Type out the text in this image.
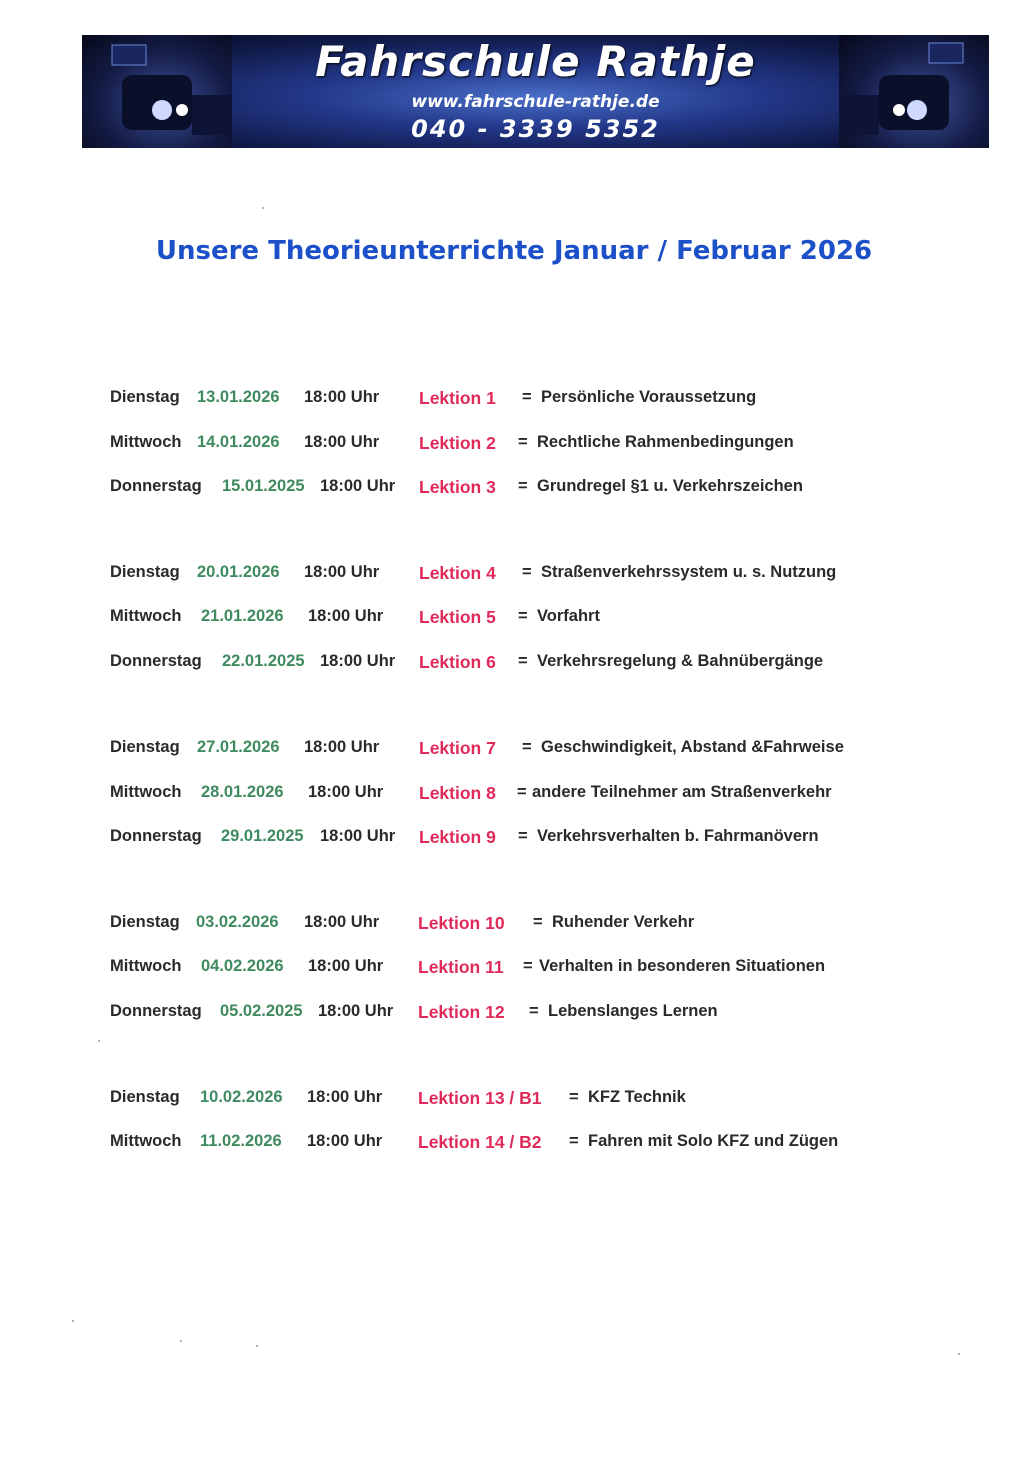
Fahrschule Rathje
www.fahrschule-rathje.de
040 - 3339 5352
Unsere Theorieunterrichte Januar / Februar 2026
Dienstag 13.01.2026 18:00 Uhr Lektion 1 = Persönliche Voraussetzung
Mittwoch 14.01.2026 18:00 Uhr Lektion 2 = Rechtliche Rahmenbedingungen
Donnerstag 15.01.2025 18:00 Uhr Lektion 3 = Grundregel §1 u. Verkehrszeichen
Dienstag 20.01.2026 18:00 Uhr Lektion 4 = Straßenverkehrssystem u. s. Nutzung
Mittwoch 21.01.2026 18:00 Uhr Lektion 5 = Vorfahrt
Donnerstag 22.01.2025 18:00 Uhr Lektion 6 = Verkehrsregelung & Bahnübergänge
Dienstag 27.01.2026 18:00 Uhr Lektion 7 = Geschwindigkeit, Abstand &Fahrweise
Mittwoch 28.01.2026 18:00 Uhr Lektion 8 = andere Teilnehmer am Straßenverkehr
Donnerstag 29.01.2025 18:00 Uhr Lektion 9 = Verkehrsverhalten b. Fahrmanövern
Dienstag 03.02.2026 18:00 Uhr Lektion 10 = Ruhender Verkehr
Mittwoch 04.02.2026 18:00 Uhr Lektion 11 = Verhalten in besonderen Situationen
Donnerstag 05.02.2025 18:00 Uhr Lektion 12 = Lebenslanges Lernen
Dienstag 10.02.2026 18:00 Uhr Lektion 13 / B1 = KFZ Technik
Mittwoch 11.02.2026 18:00 Uhr Lektion 14 / B2 = Fahren mit Solo KFZ und Zügen
